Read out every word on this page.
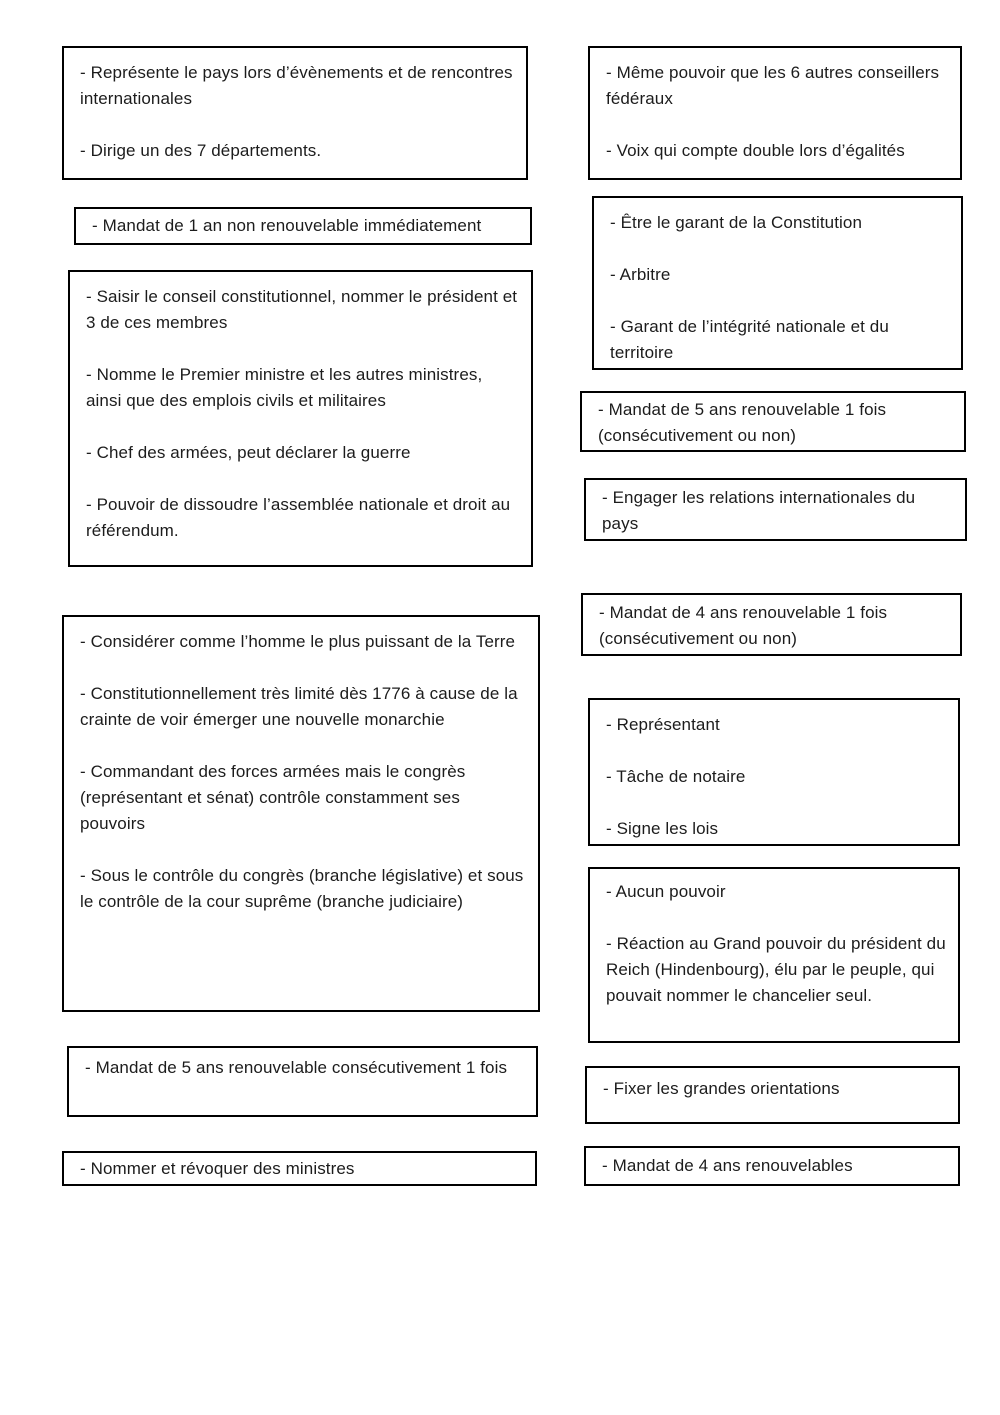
- Représente le pays lors d’évènements et de rencontres internationales

- Dirige un des 7 départements.

- Mandat de 1 an non renouvelable immédiatement

- Saisir le conseil constitutionnel, nommer le président et 3 de ces membres

- Nomme le Premier ministre et les autres ministres, ainsi que des emplois civils et militaires

- Chef des armées, peut déclarer la guerre

- Pouvoir de dissoudre l’assemblée nationale et droit au référendum.

- Considérer comme l’homme le plus puissant de la Terre

- Constitutionnellement très limité dès 1776 à cause de la crainte de voir émerger une nouvelle monarchie

- Commandant des forces armées mais le congrès (représentant et sénat) contrôle constamment ses pouvoirs

- Sous le contrôle du congrès (branche législative) et sous le contrôle de la cour suprême (branche judiciaire)

- Mandat de 5 ans renouvelable consécutivement 1 fois

- Nommer et révoquer des ministres

- Même pouvoir que les 6 autres conseillers fédéraux

- Voix qui compte double lors d’égalités

- Être le garant de la Constitution

- Arbitre

- Garant de l’intégrité nationale et du territoire

- Mandat de 5 ans renouvelable 1 fois (consécutivement ou non)

- Engager les relations internationales du pays

- Mandat de 4 ans renouvelable 1 fois (consécutivement ou non)

- Représentant

- Tâche de notaire

- Signe les lois

- Aucun pouvoir

- Réaction au Grand pouvoir du président du Reich (Hindenbourg), élu par le peuple, qui pouvait nommer le chancelier seul.

- Fixer les grandes orientations

- Mandat de 4 ans renouvelables
